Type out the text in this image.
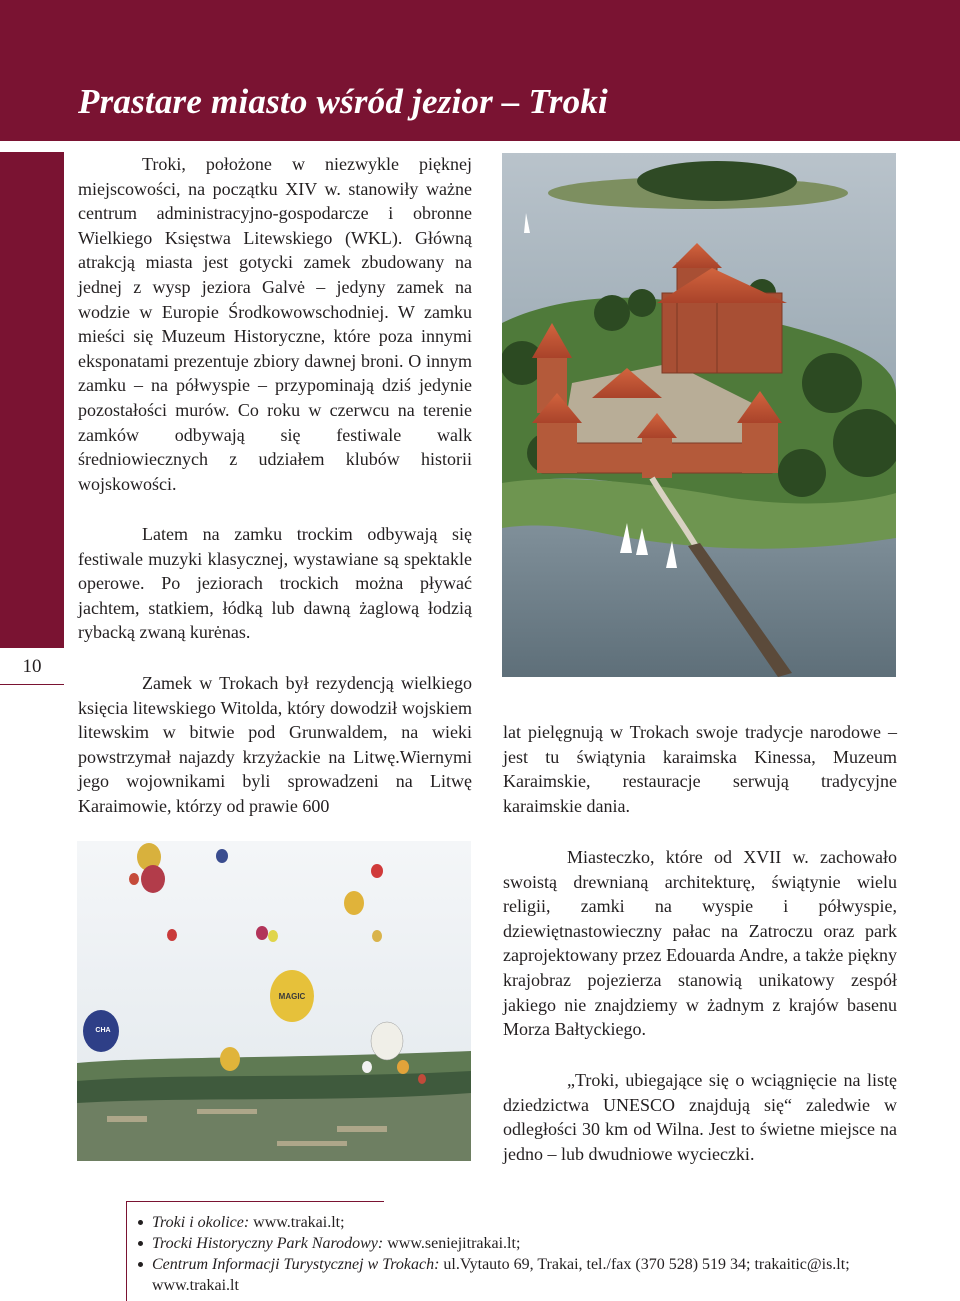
Prastare miasto wśród jezior – Troki
10

Troki, położone w niezwykle pięknej miejscowości, na początku XIV w. stanowiły ważne centrum administracyjno-gospodarcze i obronne Wielkiego Księstwa Litewskiego (WKL). Główną atrakcją miasta jest gotycki zamek zbudowany na jednej z wysp jeziora Galvė – jedyny zamek na wodzie w Europie Środkowowschodniej. W zamku mieści się Muzeum Historyczne, które poza innymi eksponatami prezentuje zbiory dawnej broni. O innym zamku – na półwyspie – przypominają dziś jedynie pozostałości murów. Co roku w czerwcu na terenie zamków odbywają się festiwale walk średniowiecznych z udziałem klubów historii wojskowości.

Latem na zamku trockim odbywają się festiwale muzyki klasycznej, wystawiane są spektakle operowe. Po jeziorach trockich można pływać jachtem, statkiem, łódką lub dawną żaglową łodzią rybacką zwaną kurėnas.

Zamek w Trokach był rezydencją wielkiego księcia litewskiego Witolda, który dowodził wojskiem litewskim w bitwie pod Grunwaldem, na wieki powstrzymał najazdy krzyżackie na Litwę.Wiernymi jego wojownikami byli sprowadzeni na Litwę Karaimowie, którzy od prawie 600

lat pielęgnują w Trokach swoje tradycje narodowe – jest tu świątynia karaimska Kinessa, Muzeum Karaimskie, restauracje serwują tradycyjne karaimskie dania.

Miasteczko, które od XVII w. zachowało swoistą drewnianą architekturę, świątynie wielu religii, zamki na wyspie i półwyspie, dziewiętnastowieczny pałac na Zatroczu oraz park zaprojektowany przez Edouarda Andre, a także piękny krajobraz pojezierza stanowią unikatowy zespół jakiego nie znajdziemy w żadnym z krajów basenu Morza Bałtyckiego.

„Troki, ubiegające się o wciągnięcie na listę dziedzictwa UNESCO znajdują się“ zaledwie w odległości 30 km od Wilna. Jest to świetne miejsce na jedno – lub dwudniowe wycieczki.

MAGIC
CHA
Troki i okolice: www.trakai.lt;
Trocki Historyczny Park Narodowy: www.seniejitrakai.lt;
Centrum Informacji Turystycznej w Trokach: ul.Vytauto 69, Trakai, tel./fax (370 528) 519 34; trakaitic@is.lt; www.trakai.lt
